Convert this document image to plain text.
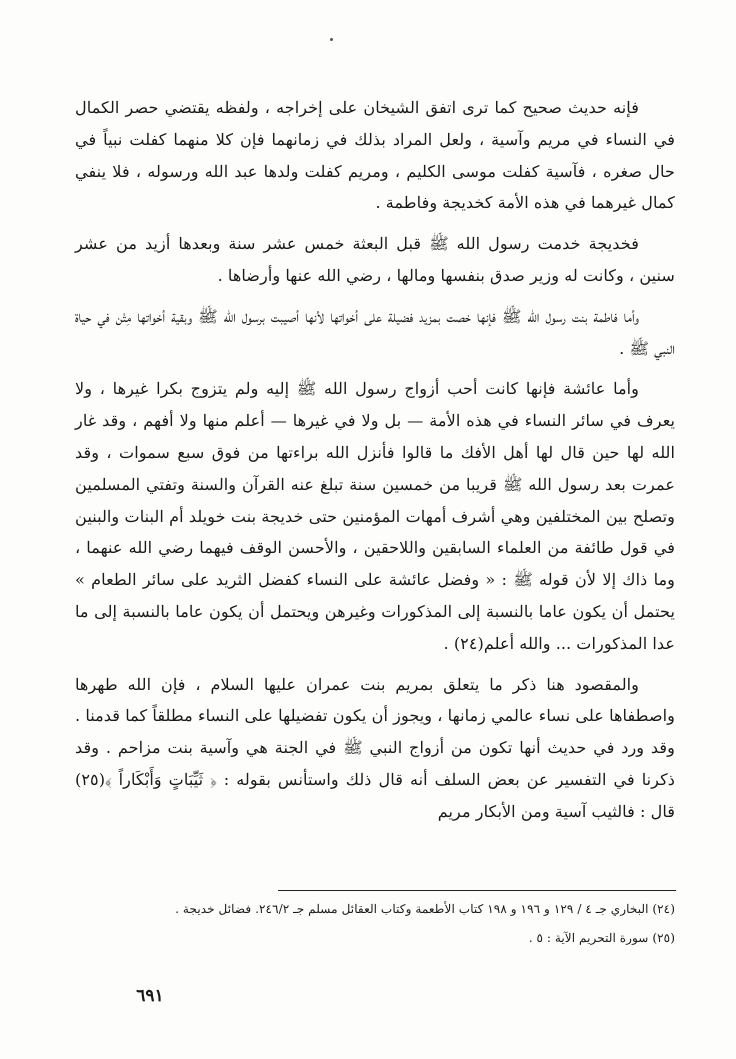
فإنه حديث صحيح كما ترى اتفق الشيخان على إخراجه ، ولفظه يقتضي حصر الكمال في النساء في مريم وآسية ، ولعل المراد بذلك في زمانهما فإن كلا منهما كفلت نبياً في حال صغره ، فآسية كفلت موسى الكليم ، ومريم كفلت ولدها عبد الله ورسوله ، فلا ينفي كمال غيرهما في هذه الأمة كخديجة وفاطمة .

فخديجة خدمت رسول الله ﷺ قبل البعثة خمس عشر سنة وبعدها أزيد من عشر سنين ، وكانت له وزير صدق بنفسها ومالها ، رضي الله عنها وأرضاها .

وأما فاطمة بنت رسول الله ﷺ فإنها خصت بمزيد فضيلة على أخواتها لأنها أصيبت برسول الله ﷺ وبقية أخواتها مِتْن في حياة النبي ﷺ .

وأما عائشة فإنها كانت أحب أزواج رسول الله ﷺ إليه ولم يتزوج بكرا غيرها ، ولا يعرف في سائر النساء في هذه الأمة — بل ولا في غيرها — أعلم منها ولا أفهم ، وقد غار الله لها حين قال لها أهل الأفك ما قالوا فأنزل الله براءتها من فوق سبع سموات ، وقد عمرت بعد رسول الله ﷺ قريبا من خمسين سنة تبلغ عنه القرآن والسنة وتفتي المسلمين وتصلح بين المختلفين وهي أشرف أمهات المؤمنين حتى خديجة بنت خويلد أم البنات والبنين في قول طائفة من العلماء السابقين واللاحقين ، والأحسن الوقف فيهما رضي الله عنهما ، وما ذاك إلا لأن قوله ﷺ : « وفضل عائشة على النساء كفضل الثريد على سائر الطعام » يحتمل أن يكون عاما بالنسبة إلى المذكورات وغيرهن ويحتمل أن يكون عاما بالنسبة إلى ما عدا المذكورات ... والله أعلم(٢٤) .

والمقصود هنا ذكر ما يتعلق بمريم بنت عمران عليها السلام ، فإن الله طهرها واصطفاها على نساء عالمي زمانها ، ويجوز أن يكون تفضيلها على النساء مطلقاً كما قدمنا . وقد ورد في حديث أنها تكون من أزواج النبي ﷺ في الجنة هي وآسية بنت مزاحم . وقد ذكرنا في التفسير عن بعض السلف أنه قال ذلك واستأنس بقوله : ﴿ ثَيِّبَاتٍ وَأَبْكَاراً ﴾(٢٥) قال : فالثيب آسية ومن الأبكار مريم

(٢٤) البخاري جـ ٤ / ١٢٩ و ١٩٦ و ١٩٨ كتاب الأطعمة وكتاب العقائل مسلم جـ ٢٤٦/٢. فضائل خديجة .

(٢٥) سورة التحريم الآية : ٥ .

٦٩١
